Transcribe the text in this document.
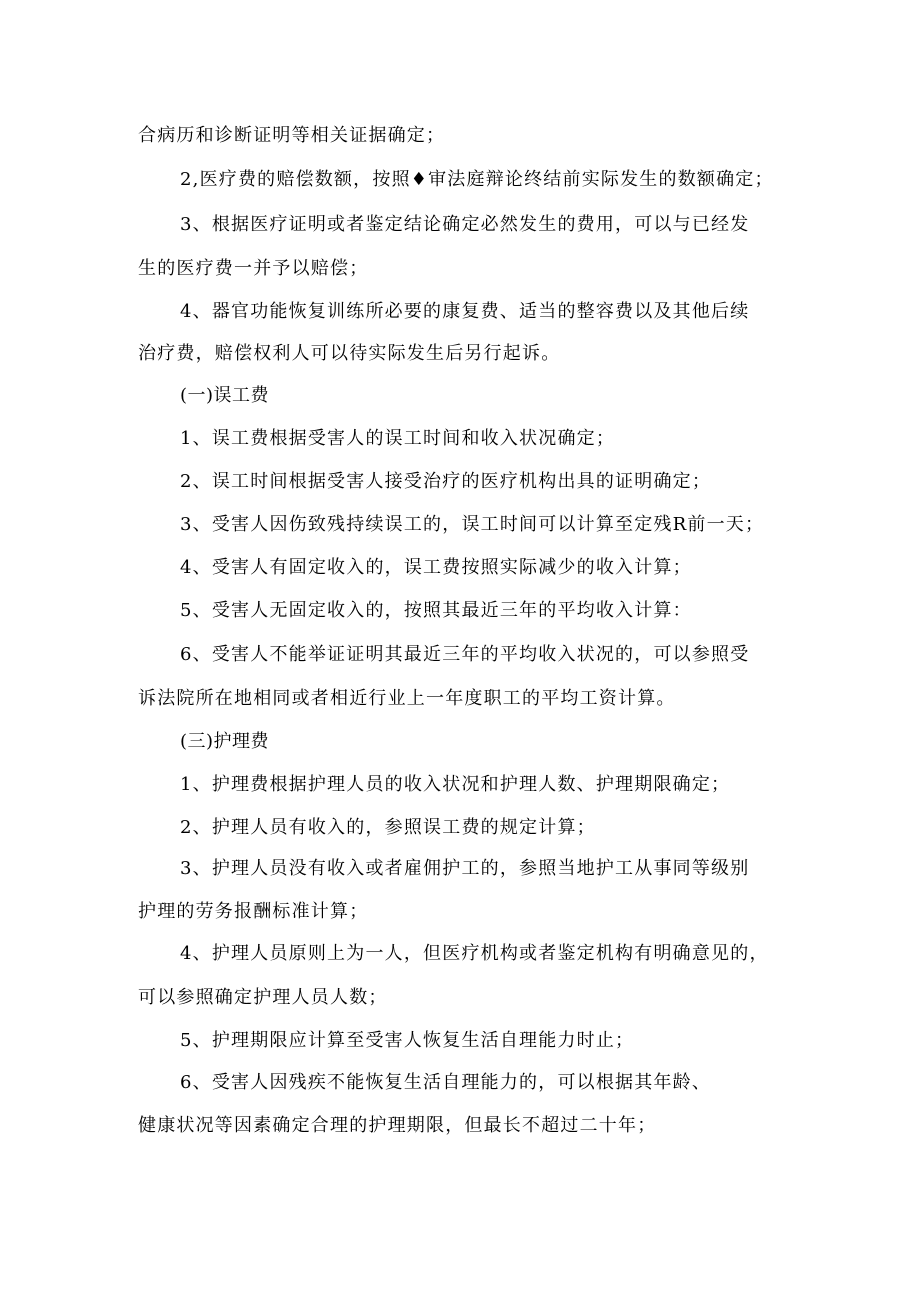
合病历和诊断证明等相关证据确定；
2,医疗费的赔偿数额，按照♦审法庭辩论终结前实际发生的数额确定；
3、根据医疗证明或者鉴定结论确定必然发生的费用，可以与已经发
生的医疗费一并予以赔偿；
4、器官功能恢复训练所必要的康复费、适当的整容费以及其他后续
治疗费，赔偿权利人可以待实际发生后另行起诉。
(一)误工费
1、误工费根据受害人的误工时间和收入状况确定；
2、误工时间根据受害人接受治疗的医疗机构出具的证明确定；
3、受害人因伤致残持续误工的，误工时间可以计算至定残R前一天；
4、受害人有固定收入的，误工费按照实际减少的收入计算；
5、受害人无固定收入的，按照其最近三年的平均收入计算：
6、受害人不能举证证明其最近三年的平均收入状况的，可以参照受
诉法院所在地相同或者相近行业上一年度职工的平均工资计算。
(三)护理费
1、护理费根据护理人员的收入状况和护理人数、护理期限确定；
2、护理人员有收入的，参照误工费的规定计算；
3、护理人员没有收入或者雇佣护工的，参照当地护工从事同等级别
护理的劳务报酬标准计算；
4、护理人员原则上为一人，但医疗机构或者鉴定机构有明确意见的，
可以参照确定护理人员人数；
5、护理期限应计算至受害人恢复生活自理能力时止；
6、受害人因残疾不能恢复生活自理能力的，可以根据其年龄、
健康状况等因素确定合理的护理期限，但最长不超过二十年；
